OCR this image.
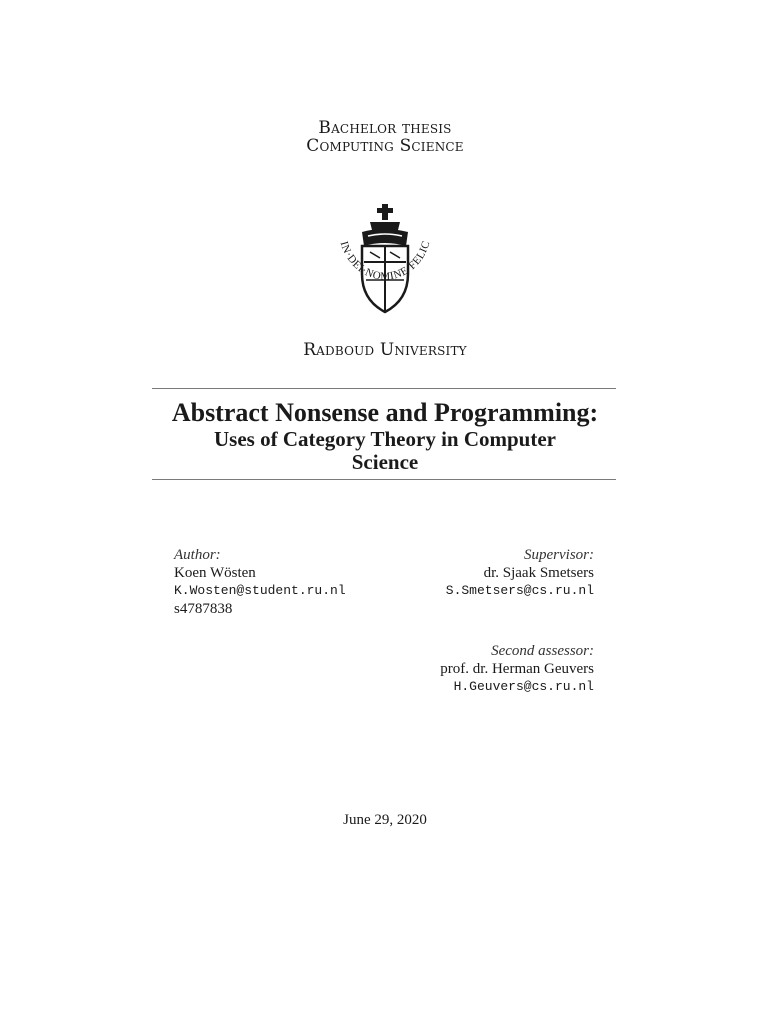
Bachelor thesis
Computing Science
IN·DEI·NOMINE·FELIC
Radboud University
Abstract Nonsense and Programming:
Uses of Category Theory in Computer
Science
Author:
Koen Wösten
K.Wosten@student.ru.nl
s4787838
Supervisor:
dr. Sjaak Smetsers
S.Smetsers@cs.ru.nl
Second assessor:
prof. dr. Herman Geuvers
H.Geuvers@cs.ru.nl
June 29, 2020
